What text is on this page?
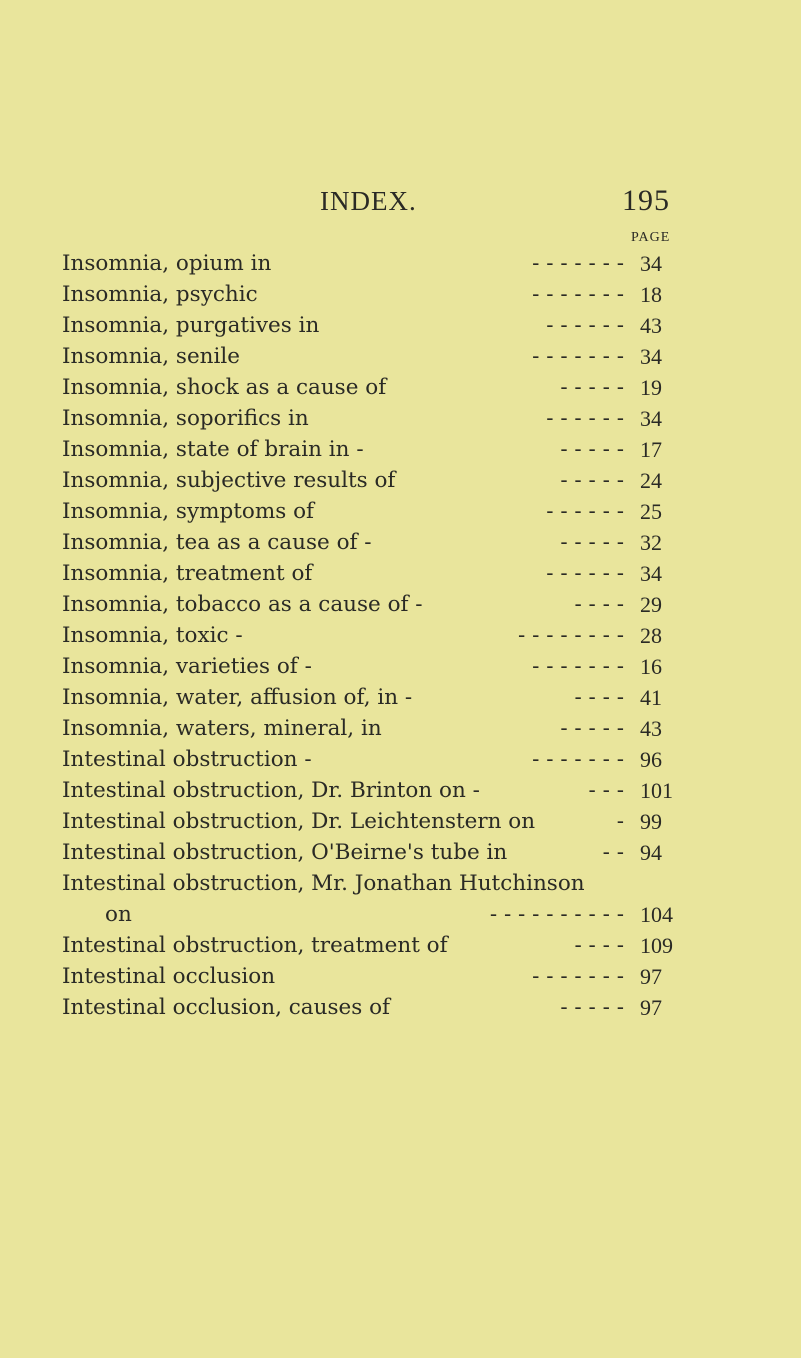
INDEX.	195
PAGE
Insomnia, opium in	- - - - - - - 34
Insomnia, psychic	- - - - - - - 18
Insomnia, purgatives in	- - - - - - 43
Insomnia, senile	- - - - - - - 34
Insomnia, shock as a cause of	- - - - - 19
Insomnia, soporifics in	- - - - - - 34
Insomnia, state of brain in -	- - - - - 17
Insomnia, subjective results of	- - - - - 24
Insomnia, symptoms of	- - - - - - 25
Insomnia, tea as a cause of -	- - - - - 32
Insomnia, treatment of	- - - - - - 34
Insomnia, tobacco as a cause of -	- - - - 29
Insomnia, toxic -	- - - - - - - - 28
Insomnia, varieties of -	- - - - - - - 16
Insomnia, water, affusion of, in -	- - - - 41
Insomnia, waters, mineral, in	- - - - - 43
Intestinal obstruction -	- - - - - - - 96
Intestinal obstruction, Dr. Brinton on -	- - - 101
Intestinal obstruction, Dr. Leichtenstern on	- 99
Intestinal obstruction, O'Beirne's tube in	- - 94
Intestinal obstruction, Mr. Jonathan Hutchinson
on	- - - - - - - - - - 104
Intestinal obstruction, treatment of	- - - - 109
Intestinal occlusion	- - - - - - - 97
Intestinal occlusion, causes of	- - - - - 97
